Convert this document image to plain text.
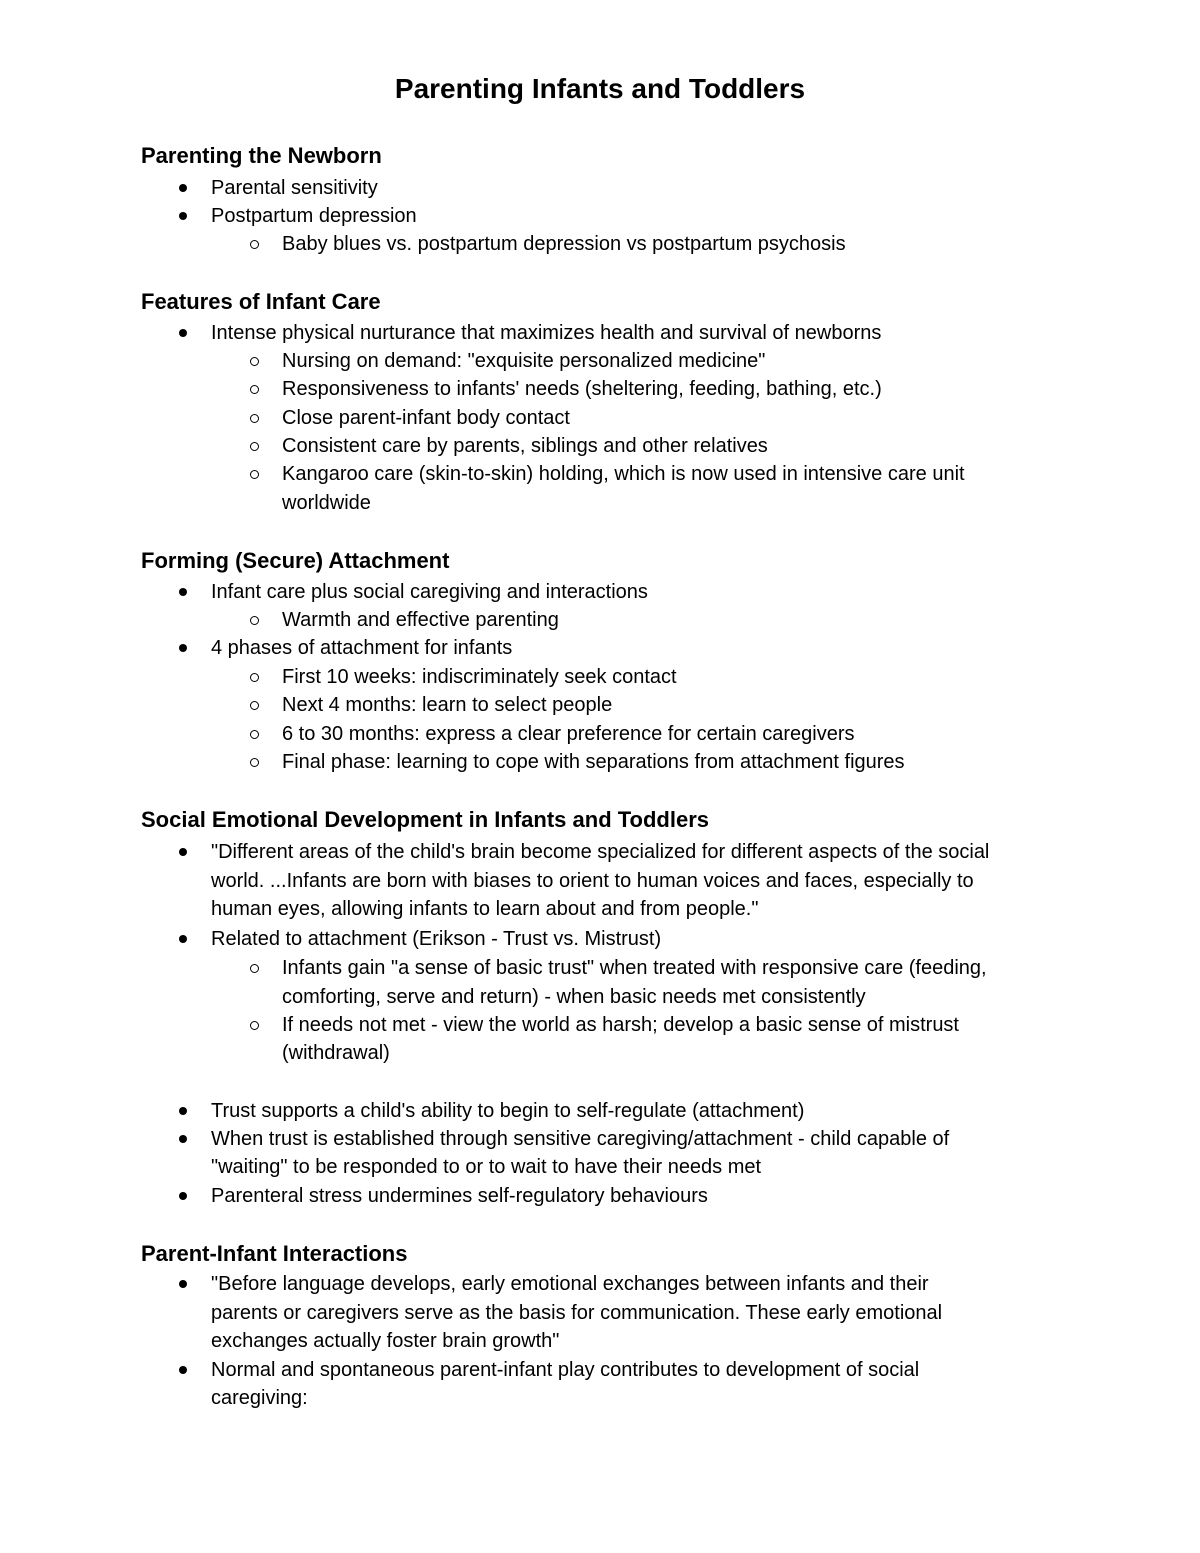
Parenting Infants and Toddlers
Parenting the Newborn

Parental sensitivity

Postpartum depression

Baby blues vs. postpartum depression vs postpartum psychosis

Features of Infant Care

Intense physical nurturance that maximizes health and survival of newborns

Nursing on demand: "exquisite personalized medicine"

Responsiveness to infants' needs (sheltering, feeding, bathing, etc.)

Close parent-infant body contact

Consistent care by parents, siblings and other relatives

Kangaroo care (skin-to-skin) holding, which is now used in intensive care unit

worldwide

Forming (Secure) Attachment

Infant care plus social caregiving and interactions

Warmth and effective parenting

4 phases of attachment for infants

First 10 weeks: indiscriminately seek contact

Next 4 months: learn to select people

6 to 30 months: express a clear preference for certain caregivers

Final phase: learning to cope with separations from attachment figures

Social Emotional Development in Infants and Toddlers

"Different areas of the child's brain become specialized for different aspects of the social

world. ...Infants are born with biases to orient to human voices and faces, especially to

human eyes, allowing infants to learn about and from people."

Related to attachment (Erikson - Trust vs. Mistrust)

Infants gain "a sense of basic trust" when treated with responsive care (feeding,

comforting, serve and return) - when basic needs met consistently

If needs not met - view the world as harsh; develop a basic sense of mistrust

(withdrawal)

Trust supports a child's ability to begin to self-regulate (attachment)

When trust is established through sensitive caregiving/attachment - child capable of

"waiting" to be responded to or to wait to have their needs met

Parenteral stress undermines self-regulatory behaviours

Parent-Infant Interactions

"Before language develops, early emotional exchanges between infants and their

parents or caregivers serve as the basis for communication. These early emotional

exchanges actually foster brain growth"

Normal and spontaneous parent-infant play contributes to development of social

caregiving:
